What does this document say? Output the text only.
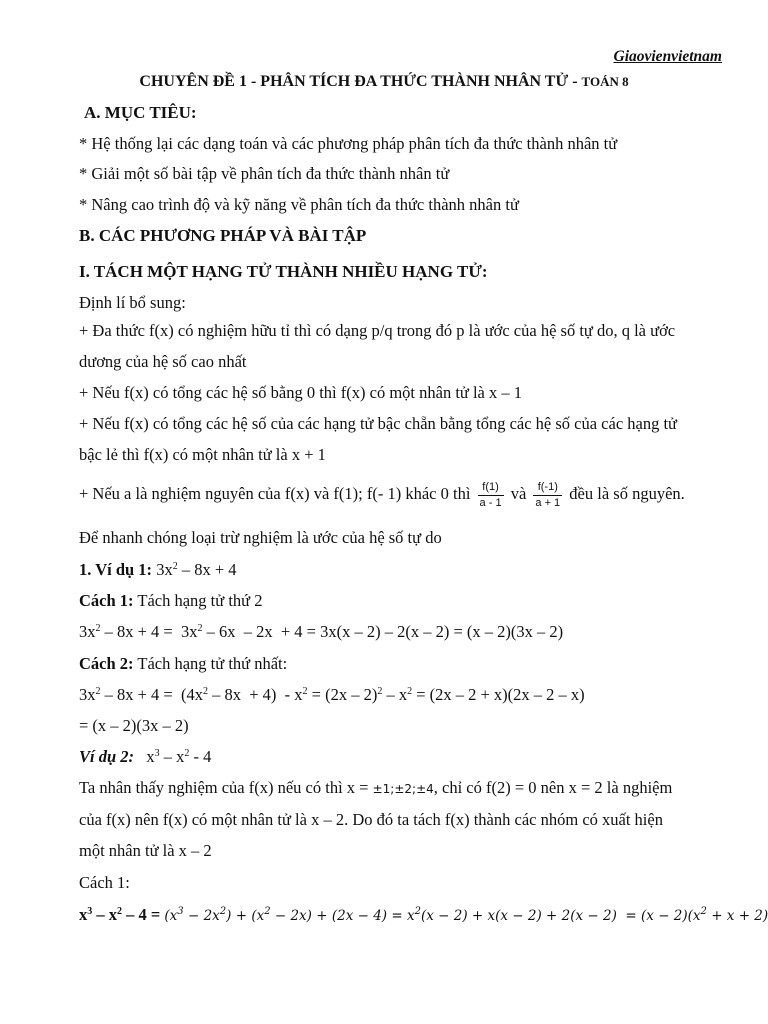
Giaovienvietnam
CHUYÊN ĐỀ 1 - PHÂN TÍCH ĐA THỨC THÀNH NHÂN TỬ - TOÁN 8
A. MỤC TIÊU:
* Hệ thống lại các dạng toán và các phương pháp phân tích đa thức thành nhân tử
* Giải một số bài tập về phân tích đa thức thành nhân tử
* Nâng cao trình độ và kỹ năng về phân tích đa thức thành nhân tử
B. CÁC PHƯƠNG PHÁP VÀ BÀI TẬP
I. TÁCH MỘT HẠNG TỬ THÀNH NHIỀU HẠNG TỬ:
Định lí bổ sung:
+ Đa thức f(x) có nghiệm hữu tỉ thì có dạng p/q trong đó p là ước của hệ số tự do, q là ước
dương của hệ số cao nhất
+ Nếu f(x) có tổng các hệ số bằng 0 thì f(x) có một nhân tử là x – 1
+ Nếu f(x) có tổng các hệ số của các hạng tử bậc chẵn bằng tổng các hệ số của các hạng tử
bậc lẻ thì f(x) có một nhân tử là x + 1
+ Nếu a là nghiệm nguyên của f(x) và f(1); f(- 1) khác 0 thì $\frac{f(1)}{a - 1}$ và $\frac{f(-1)}{a + 1}$ đều là số nguyên.
Để nhanh chóng loại trừ nghiệm là ước của hệ số tự do
1. Ví dụ 1: $3x^2 - 8x + 4$
Cách 1: Tách hạng tử thứ 2
$3x^2 - 8x + 4 = 3x^2 - 6x - 2x + 4 = 3x(x - 2) - 2(x - 2) = (x - 2)(3x - 2)$
Cách 2: Tách hạng tử thứ nhất:
$3x^2 - 8x + 4 = (4x^2 - 8x + 4) - x^2 = (2x - 2)^2 - x^2 = (2x - 2 + x)(2x - 2 - x)$
= (x – 2)(3x – 2)
Ví dụ 2:   $x^3 - x^2 - 4$
Ta nhân thấy nghiệm của f(x) nếu có thì x = ±1;±2;±4, chỉ có f(2) = 0 nên x = 2 là nghiệm
của f(x) nên f(x) có một nhân tử là x – 2. Do đó ta tách f(x) thành các nhóm có xuất hiện
một nhân tử là x – 2
Cách 1:
$x^3 - x^2 - 4 = (x^3 - 2x^2) + (x^2 - 2x) + (2x - 4) = x^2(x - 2) + x(x - 2) + 2(x - 2) = (x - 2)(x^2 + x + 2)$
